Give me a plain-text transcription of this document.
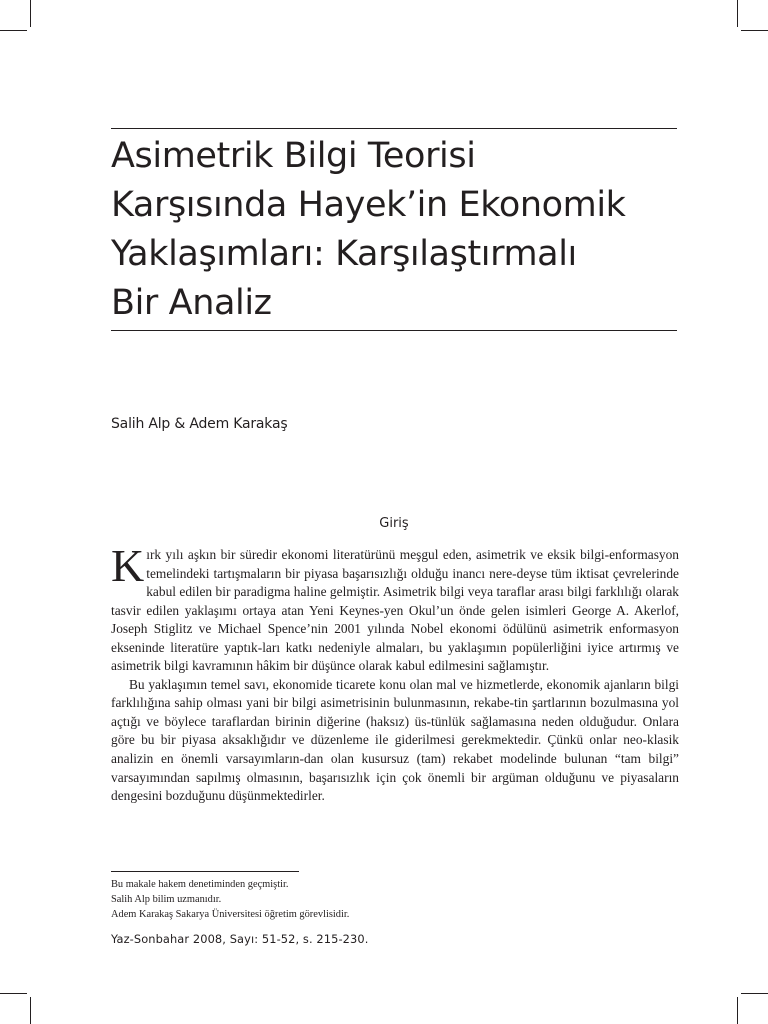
Asimetrik Bilgi Teorisi
Karşısında Hayek’in Ekonomik
Yaklaşımları: Karşılaştırmalı
Bir Analiz
Salih Alp & Adem Karakaş
Giriş

Kırk yılı aşkın bir süredir ekonomi literatürünü meşgul eden, asimetrik ve eksik bilgi-enformasyon temelindeki tartışmaların bir piyasa başarısızlığı olduğu inancı nere-deyse tüm iktisat çevrelerinde kabul edilen bir paradigma haline gelmiştir. Asimetrik bilgi veya taraflar arası bilgi farklılığı olarak tasvir edilen yaklaşımı ortaya atan Yeni Keynes-yen Okul’un önde gelen isimleri George A. Akerlof, Joseph Stiglitz ve Michael Spence’nin 2001 yılında Nobel ekonomi ödülünü asimetrik enformasyon ekseninde literatüre yaptık-ları katkı nedeniyle almaları, bu yaklaşımın popülerliğini iyice artırmış ve asimetrik bilgi kavramının hâkim bir düşünce olarak kabul edilmesini sağlamıştır.

Bu yaklaşımın temel savı, ekonomide ticarete konu olan mal ve hizmetlerde, ekonomik ajanların bilgi farklılığına sahip olması yani bir bilgi asimetrisinin bulunmasının, rekabe-tin şartlarının bozulmasına yol açtığı ve böylece taraflardan birinin diğerine (haksız) üs-tünlük sağlamasına neden olduğudur. Onlara göre bu bir piyasa aksaklığıdır ve düzenleme ile giderilmesi gerekmektedir. Çünkü onlar neo-klasik analizin en önemli varsayımların-dan olan kusursuz (tam) rekabet modelinde bulunan “tam bilgi” varsayımından sapılmış olmasının, başarısızlık için çok önemli bir argüman olduğunu ve piyasaların dengesini bozduğunu düşünmektedirler.

Bu makale hakem denetiminden geçmiştir.
Salih Alp bilim uzmanıdır.
Adem Karakaş Sakarya Üniversitesi öğretim görevlisidir.
Yaz-Sonbahar 2008, Sayı: 51-52, s. 215-230.
